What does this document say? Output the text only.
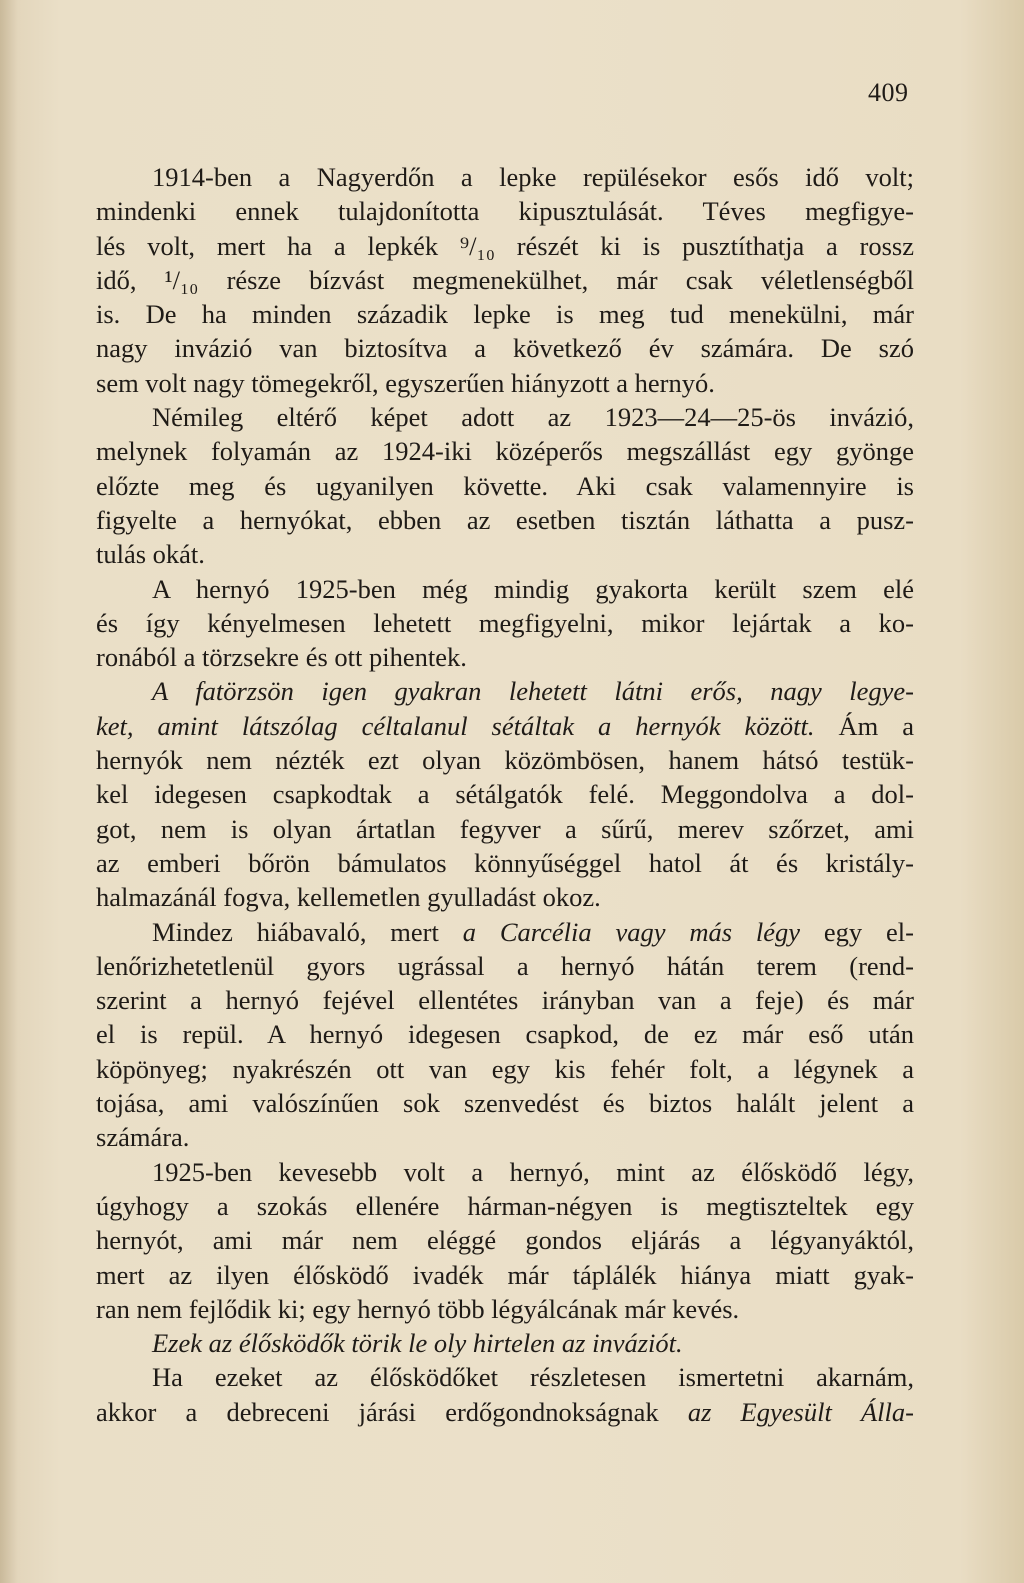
409

1914-ben a Nagyerdőn a lepke repülésekor esős idő volt;
mindenki ennek tulajdonította kipusztulását. Téves megfigye-
lés volt, mert ha a lepkék ⁹/₁₀ részét ki is pusztíthatja a rossz
idő, ¹/₁₀ része bízvást megmenekülhet, már csak véletlenségből
is. De ha minden századik lepke is meg tud menekülni, már
nagy invázió van biztosítva a következő év számára. De szó
sem volt nagy tömegekről, egyszerűen hiányzott a hernyó.

Némileg eltérő képet adott az 1923—24—25-ös invázió,
melynek folyamán az 1924-iki középerős megszállást egy gyönge
előzte meg és ugyanilyen követte. Aki csak valamennyire is
figyelte a hernyókat, ebben az esetben tisztán láthatta a pusz-
tulás okát.

A hernyó 1925-ben még mindig gyakorta került szem elé
és így kényelmesen lehetett megfigyelni, mikor lejártak a ko-
ronából a törzsekre és ott pihentek.

A fatörzsön igen gyakran lehetett látni erős, nagy legye-
ket, amint látszólag céltalanul sétáltak a hernyók között. Ám a
hernyók nem nézték ezt olyan közömbösen, hanem hátsó testük-
kel idegesen csapkodtak a sétálgatók felé. Meggondolva a dol-
got, nem is olyan ártatlan fegyver a sűrű, merev szőrzet, ami
az emberi bőrön bámulatos könnyűséggel hatol át és kristály-
halmazánál fogva, kellemetlen gyulladást okoz.

Mindez hiábavaló, mert a Carcélia vagy más légy egy el-
lenőrizhetetlenül gyors ugrással a hernyó hátán terem (rend-
szerint a hernyó fejével ellentétes irányban van a feje) és már
el is repül. A hernyó idegesen csapkod, de ez már eső után
köpönyeg; nyakrészén ott van egy kis fehér folt, a légynek a
tojása, ami valószínűen sok szenvedést és biztos halált jelent a
számára.

1925-ben kevesebb volt a hernyó, mint az élősködő légy,
úgyhogy a szokás ellenére hárman-négyen is megtiszteltek egy
hernyót, ami már nem eléggé gondos eljárás a légyanyáktól,
mert az ilyen élősködő ivadék már táplálék hiánya miatt gyak-
ran nem fejlődik ki; egy hernyó több légyálcának már kevés.

Ezek az élősködők törik le oly hirtelen az inváziót.

Ha ezeket az élősködőket részletesen ismertetni akarnám,
akkor a debreceni járási erdőgondnokságnak az Egyesült Álla-
